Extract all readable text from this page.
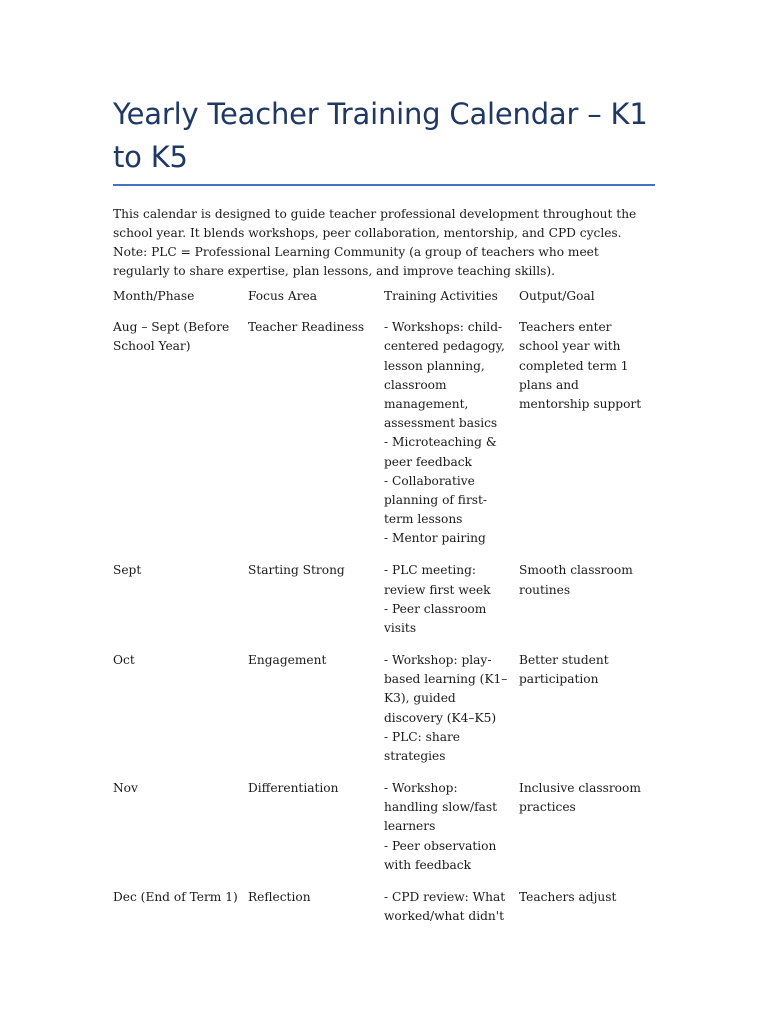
Yearly Teacher Training Calendar – K1 to K5

This calendar is designed to guide teacher professional development throughout the school year. It blends workshops, peer collaboration, mentorship, and CPD cycles. Note: PLC = Professional Learning Community (a group of teachers who meet regularly to share expertise, plan lessons, and improve teaching skills).

Month/Phase	Focus Area	Training Activities	Output/Goal
Aug – Sept (Before School Year)	Teacher Readiness	- Workshops: child-centered pedagogy, lesson planning, classroom management, assessment basics
- Microteaching & peer feedback
- Collaborative planning of first-term lessons
- Mentor pairing	Teachers enter school year with completed term 1 plans and mentorship support
Sept	Starting Strong	- PLC meeting: review first week
- Peer classroom visits	Smooth classroom routines
Oct	Engagement	- Workshop: play-based learning (K1–K3), guided discovery (K4–K5)
- PLC: share strategies	Better student participation
Nov	Differentiation	- Workshop: handling slow/fast learners
- Peer observation with feedback	Inclusive classroom practices
Dec (End of Term 1)	Reflection	- CPD review: What worked/what didn't	Teachers adjust
